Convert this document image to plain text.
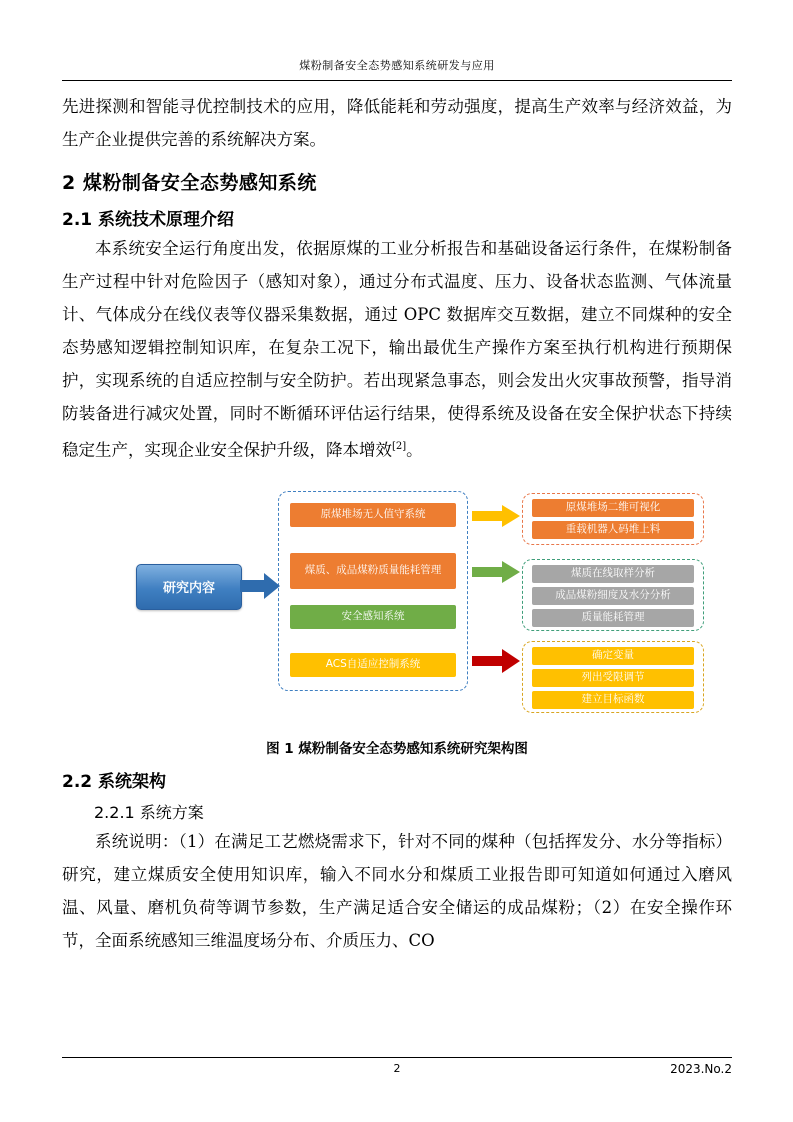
煤粉制备安全态势感知系统研发与应用

先进探测和智能寻优控制技术的应用，降低能耗和劳动强度，提高生产效率与经济效益，为生产企业提供完善的系统解决方案。

2 煤粉制备安全态势感知系统
2.1 系统技术原理介绍

本系统安全运行角度出发，依据原煤的工业分析报告和基础设备运行条件，在煤粉制备生产过程中针对危险因子（感知对象），通过分布式温度、压力、设备状态监测、气体流量计、气体成分在线仪表等仪器采集数据，通过 OPC 数据库交互数据，建立不同煤种的安全态势感知逻辑控制知识库，在复杂工况下，输出最优生产操作方案至执行机构进行预期保护，实现系统的自适应控制与安全防护。若出现紧急事态，则会发出火灾事故预警，指导消防装备进行减灾处置，同时不断循环评估运行结果，使得系统及设备在安全保护状态下持续稳定生产，实现企业安全保护升级，降本增效[2]。

研究内容
原煤堆场无人值守系统
煤质、成品煤粉质量能耗管理
安全感知系统
ACS自适应控制系统
原煤堆场二维可视化
重载机器人码堆上料
煤质在线取样分析
成品煤粉细度及水分分析
质量能耗管理
确定变量
列出受限调节
建立目标函数
图 1 煤粉制备安全态势感知系统研究架构图
2.2 系统架构
2.2.1 系统方案

系统说明：（1）在满足工艺燃烧需求下，针对不同的煤种（包括挥发分、水分等指标）研究，建立煤质安全使用知识库，输入不同水分和煤质工业报告即可知道如何通过入磨风温、风量、磨机负荷等调节参数，生产满足适合安全储运的成品煤粉；（2）在安全操作环节，全面系统感知三维温度场分布、介质压力、CO

2	2023.No.2
